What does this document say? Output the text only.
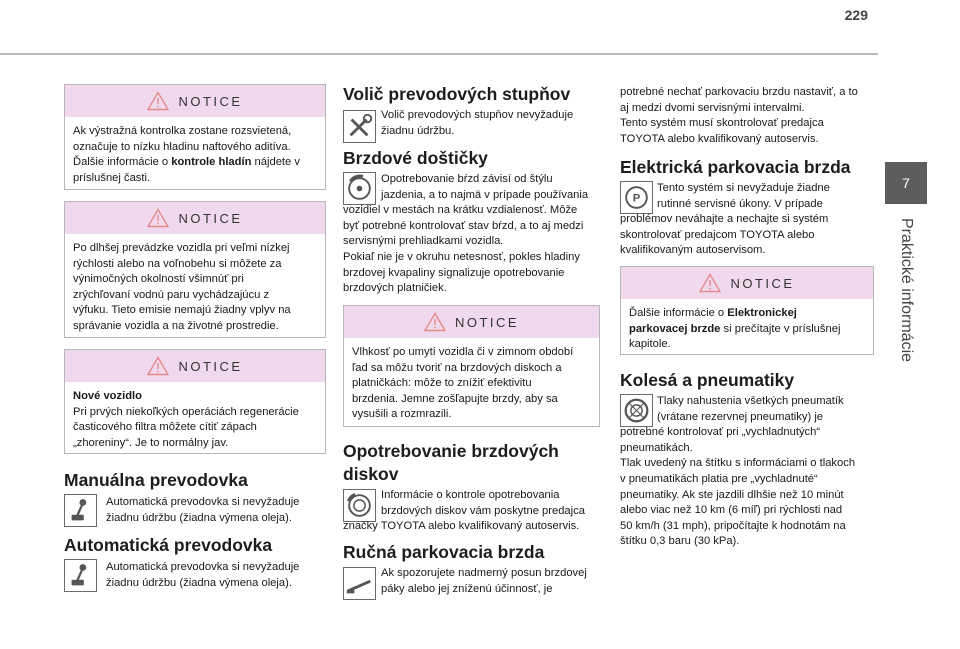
229
7
Praktické informácie
NOTICE
Ak výstražná kontrolka zostane rozsvietená,
označuje to nízku hladinu naftového aditíva.
Ďalšie informácie o kontrole hladín nájdete v
príslušnej časti.
NOTICE
Po dlhšej prevádzke vozidla pri veľmi nízkej
rýchlosti alebo na voľnobehu si môžete za
výnimočných okolností všimnúť pri
zrýchľovaní vodnú paru vychádzajúcu z
výfuku. Tieto emisie nemajú žiadny vplyv na
správanie vozidla a na životné prostredie.
NOTICE
Nové vozidlo
Pri prvých niekoľkých operáciách regenerácie
časticového filtra môžete cítiť zápach
„zhoreniny“. Je to normálny jav.
Manuálna prevodovka
Automatická prevodovka si nevyžaduje
žiadnu údržbu (žiadna výmena oleja).
Automatická prevodovka
Automatická prevodovka si nevyžaduje
žiadnu údržbu (žiadna výmena oleja).
Volič prevodových stupňov
Volič prevodových stupňov nevyžaduje
žiadnu údržbu.
Brzdové doštičky
Opotrebovanie bŕzd závisí od štýlu
jazdenia, a to najmä v prípade používania
vozidiel v mestách na krátku vzdialenosť. Môže
byť potrebné kontrolovať stav bŕzd, a to aj medzi
servisnými prehliadkami vozidla.
Pokiaľ nie je v okruhu netesnosť, pokles hladiny
brzdovej kvapaliny signalizuje opotrebovanie
brzdových platničiek.
NOTICE
Vlhkosť po umytí vozidla či v zimnom období
ľad sa môžu tvoriť na brzdových diskoch a
platničkách: môže to znížiť efektivitu
brzdenia. Jemne zošľapujte brzdy, aby sa
vysušili a rozmrazili.
Opotrebovanie brzdových
diskov
Informácie o kontrole opotrebovania
brzdových diskov vám poskytne predajca
značky TOYOTA alebo kvalifikovaný autoservis.
Ručná parkovacia brzda
Ak spozorujete nadmerný posun brzdovej
páky alebo jej zníženú účinnosť, je
potrebné nechať parkovaciu brzdu nastaviť, a to
aj medzi dvomi servisnými intervalmi.
Tento systém musí skontrolovať predajca
TOYOTA alebo kvalifikovaný autoservis.
Elektrická parkovacia brzda
P
Tento systém si nevyžaduje žiadne
rutinné servisné úkony. V prípade
problémov neváhajte a nechajte si systém
skontrolovať predajcom TOYOTA alebo
kvalifikovaným autoservisom.
NOTICE
Ďalšie informácie o Elektronickej
parkovacej brzde si prečítajte v príslušnej
kapitole.
Kolesá a pneumatiky
Tlaky nahustenia všetkých pneumatík
(vrátane rezervnej pneumatiky) je
potrebné kontrolovať pri „vychladnutých“
pneumatikách.
Tlak uvedený na štítku s informáciami o tlakoch
v pneumatikách platia pre „vychladnuté“
pneumatiky. Ak ste jazdili dlhšie než 10 minút
alebo viac než 10 km (6 míľ) pri rýchlosti nad
50 km/h (31 mph), pripočítajte k hodnotám na
štítku 0,3 baru (30 kPa).
